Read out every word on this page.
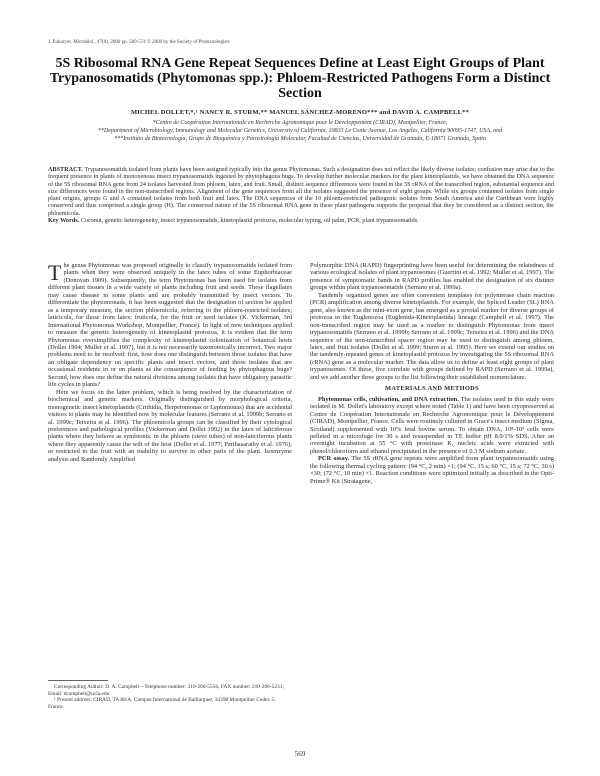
J. Eukaryot. Microbiol., 47(6), 2000 pp. 569-574 © 2000 by the Society of Protozoologists
5S Ribosomal RNA Gene Repeat Sequences Define at Least Eight Groups of Plant Trypanosomatids (Phytomonas spp.): Phloem-Restricted Pathogens Form a Distinct Section
MICHEL DOLLET,*,¹ NANCY R. STURM,** MANUEL SÁNCHEZ-MORENO*** and DAVID A. CAMPBELL**
*Centre de Coopération Internationale en Recherche Agronomique pour le Développement (CIRAD), Montpellier, France,
**Department of Microbiology, Immunology and Molecular Genetics, University of California, 10833 Le Conte Avenue, Los Angeles, California 90095-1747, USA, and
***Instituto de Biotecnología, Grupo de Bioquímica y Parasitología Molecular, Facultad de Ciencias, Universidad de Granada, E-18071 Granada, Spain
ABSTRACT. Trypanosomatids isolated from plants have been assigned typically into the genus Phytomonas. Such a designation does not reflect the likely diverse isolates; confusion may arise due to the frequent presence in plants of monoxenous insect trypanosomatids ingested by phytophagous bugs. To develop further molecular markers for the plant kinetoplastids, we have obtained the DNA sequence of the 5S ribosomal RNA gene from 24 isolates harvested from phloem, latex, and fruit. Small, distinct sequence differences were found in the 5S rRNA of the transcribed region, substantial sequence and size differences were found in the non-transcribed regions. Alignment of the gene sequences from all the isolates suggested the presence of eight groups. While six groups contained isolates from single plant origins, groups G and A contained isolates from both fruit and latex. The DNA sequences of the 10 phloem-restricted pathogenic isolates from South America and the Caribbean were highly conserved and thus comprised a single group (H). The conserved nature of the 5S ribosomal RNA gene in these plant pathogens supports the proposal that they be considered as a distinct section, the phloemicola.
Key Words. Coconut, genetic heterogeneity, insect trypanosomatids, kinetoplastid protozoa, molecular typing, oil palm, PCR, plant trypanosomatids.

The genus Phytomonas was proposed originally to classify trypanosomatids isolated from plants when they were observed uniquely in the latex tubes of some Euphorbiaceae (Donovan 1909). Subsequently, the term Phytomonas has been used for isolates from different plant tissues in a wide variety of plants including fruit and seeds. These flagellates may cause disease in some plants and are probably transmitted by insect vectors. To differentiate the phytomonads, it has been suggested that the designation of section be applied as a temporary measure, the section phloemicola, referring to the phloem-restricted isolates; laticicola, for those from latex; fruticola, for the fruit or seed isolates (K. Vickerman, 3rd International Phytomonas Workshop, Montpellier, France). In light of new techniques applied to measure the genetic heterogeneity of kinetoplastid protozoa, it is evident that the term Phytomonas oversimplifies the complexity of kinetoplastid colonization of botanical hosts (Dollet 1994; Muller et al. 1997), but it is not necessarily taxonomically incorrect. Two major problems need to be resolved: first, how does one distinguish between those isolates that have an obligate dependency on specific plants and insect vectors, and those isolates that are occasional residents in or on plants as the consequence of feeding by phytophagous bugs? Second, how does one define the natural divisions among isolates that have obligatory parasitic life cycles in plants?

Here we focus on the latter problem, which is being resolved by the characterization of biochemical and genetic markers. Originally distinguished by morphological criteria, monogenetic insect kinetoplastids (Crithidia, Herpetomonas or Leptomonas) that are accidental visitors to plants may be identified now by molecular features (Serrano et al. 1999b; Serrano et al. 1999c; Teixeira et al. 1996). The phloemicola groups can be classified by their cytological preferences and pathological profiles (Vickerman and Dollet 1992) in the latex of laticiferous plants where they behave as symbionts; in the phloem (sieve tubes) of non-laticiferous plants where they apparently cause the wilt of the host (Dollet et al. 1977; Parthasarathy et al. 1976); or restricted to the fruit with an inability to survive in other parts of the plant. Isoenzyme analysis and Randomly Amplified

Polymorphic DNA (RAPD) fingerprinting have been useful for determining the relatedness of various ecological isolates of plant trypanosomes (Guerrini et al. 1992; Muller et al. 1997). The presence of symptomatic bands in RAPD profiles has enabled the designation of six distinct groups within plant trypanosomatids (Serrano et al. 1999a).

Tandemly organized genes are often convenient templates for polymerase chain reaction (PCR) amplification among diverse kinetoplastids. For example, the Spliced Leader (SL) RNA gene, also known as the mini-exon gene, has emerged as a pivotal marker for diverse groups of protozoa in the Euglenozoa (Euglenida-Kinetoplastida) lineage (Campbell et al. 1997). The non-transcribed region may be used as a marker to distinguish Phytomonas from insect trypanosomatids (Serrano et al. 1999b; Serrano et al. 1999c; Teixeira et al. 1996) and the DNA sequence of the non-transcribed spacer region may be used to distinguish among phloem, latex, and fruit isolates (Dollet et al. 1999; Sturm et al. 1995). Here we extend our studies on the tandemly-repeated genes of kinetoplastid protozoa by investigating the 5S ribosomal RNA (rRNA) gene as a molecular marker. The data allow us to define at least eight groups of plant trypanosomes. Of these, five correlate with groups defined by RAPD (Serrano et al. 1999a), and we add another three groups to the list following their established nomenclature.

MATERIALS AND METHODS

Phytomonas cells, cultivation, and DNA extraction. The isolates used in this study were isolated in M. Dollet's laboratory except where noted (Table 1) and have been cryopreserved at Centre de Coopération Internationale en Recherche Agronomique pour le Développement (CIRAD), Montpellier, France. Cells were routinely cultured in Grace's insect medium (Sigma, Scotland) supplemented with 10% fetal bovine serum. To obtain DNA, 10⁸-10⁹ cells were pelleted in a microfuge for 30 s and resuspended in TE buffer pH 8.0/1% SDS. After an overnight incubation at 55 °C with proteinase K, nucleic acids were extracted with phenol/chloroform and ethanol precipitated in the presence of 0.3 M sodium acetate.

PCR assay. The 5S rRNA gene repeats were amplified from plant trypanosomatids using the following thermal cycling pattern: (94 °C, 2 min) ×1; (94 °C, 15 s; 60 °C, 15 s; 72 °C, 30 s) ×30; (72 °C, 10 min) ×1. Reaction conditions were optimized initially as described in the Opti-Prime® Kit (Stratagene,

Corresponding Author: D. A. Campbell—Telephone number: 310-206-5556; FAX number: 310-206-5231; Email: dcampbell@ucla.edu
¹ Present address: CIRAD, TA 80/A, Campus International de Baillarguet, 34398 Montpellier Cedex 5, France.
569
